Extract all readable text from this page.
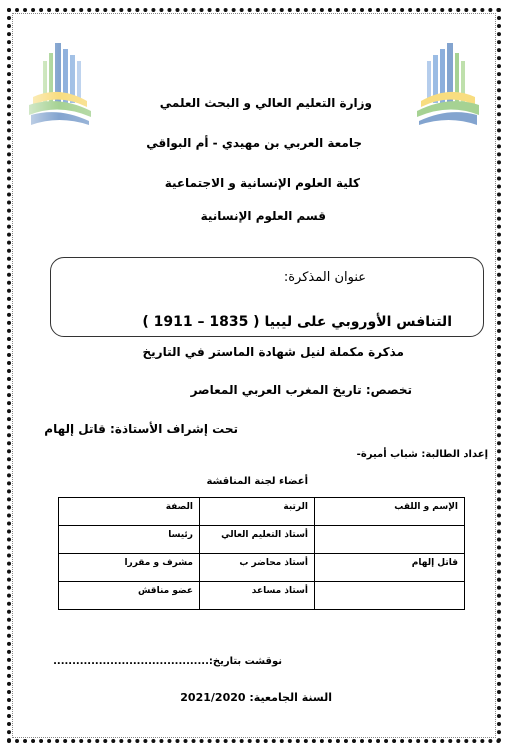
وزارة التعليم العالي و البحث العلمي
جامعة العربي بن مهيدي - أم البواقي
كلية العلوم الإنسانية و الاجتماعية
قسم العلوم الإنسانية
عنوان المذكرة:
التنافس الأوروبي على ليبيا ( 1835 – 1911 )
مذكرة مكملة لنيل شهادة الماستر في التاريخ
تخصص: تاريخ المغرب العربي المعاصر
تحت إشراف الأستاذة: قاتل إلهام
إعداد الطالبة: شباب أميرة-
أعضاء لجنة المناقشة
الإسم و اللقب	الرتبة	الصفة
	أستاذ التعليم العالي	رئيسا
قاتل إلهام	أستاذ محاضر ب	مشرف و مقررا
	أستاذ مساعد	عضو مناقش
نوقشت بتاريخ:.........................................
السنة الجامعية: 2021/2020
